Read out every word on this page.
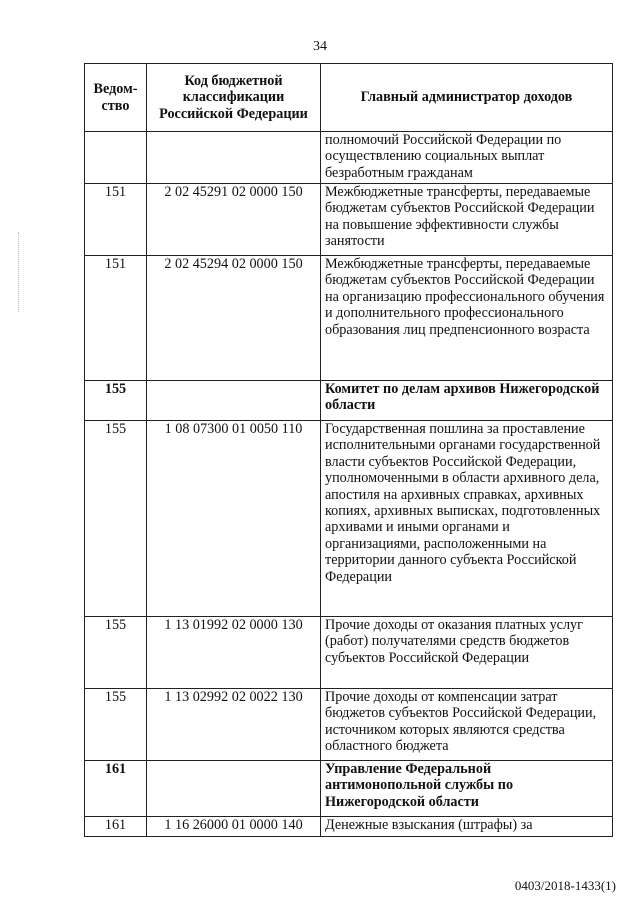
34
Ведом-ство	Код бюджетной классификации Российской Федерации	Главный администратор доходов
		полномочий Российской Федерации по осуществлению социальных выплат безработным гражданам
151	2 02 45291 02 0000 150	Межбюджетные трансферты, передаваемые бюджетам субъектов Российской Федерации на повышение эффективности службы занятости
151	2 02 45294 02 0000 150	Межбюджетные трансферты, передаваемые бюджетам субъектов Российской Федерации на организацию профессионального обучения и дополнительного профессионального образования лиц предпенсионного возраста
155		Комитет по делам архивов Нижегородской области
155	1 08 07300 01 0050 110	Государственная пошлина за проставление исполнительными органами государственной власти субъектов Российской Федерации, уполномоченными в области архивного дела, апостиля на архивных справках, архивных копиях, архивных выписках, подготовленных архивами и иными органами и организациями, расположенными на территории данного субъекта Российской Федерации
155	1 13 01992 02 0000 130	Прочие доходы от оказания платных услуг (работ) получателями средств бюджетов субъектов Российской Федерации
155	1 13 02992 02 0022 130	Прочие доходы от компенсации затрат бюджетов субъектов Российской Федерации, источником которых являются средства областного бюджета
161		Управление Федеральной антимонопольной службы по Нижегородской области
161	1 16 26000 01 0000 140	Денежные взыскания (штрафы) за
0403/2018-1433(1)
